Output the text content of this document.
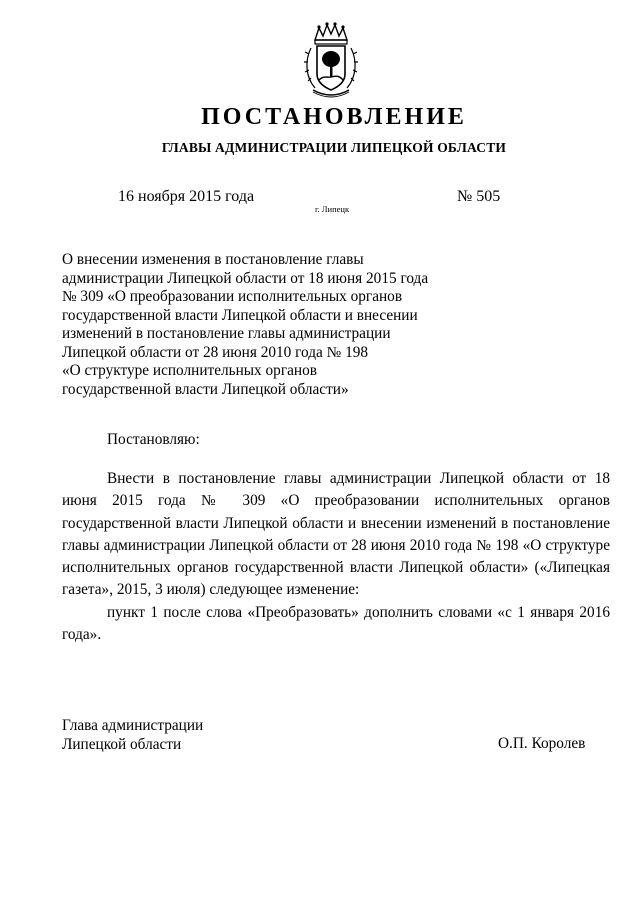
ПОСТАНОВЛЕНИЕ
ГЛАВЫ АДМИНИСТРАЦИИ ЛИПЕЦКОЙ ОБЛАСТИ
16 ноября 2015 года
г. Липецк
№ 505
О внесении изменения в постановление главы
администрации Липецкой области от 18 июня 2015 года
№ 309 «О преобразовании исполнительных органов
государственной власти Липецкой области и внесении
изменений в постановление главы администрации
Липецкой области от 28 июня 2010 года № 198
«О структуре исполнительных органов
государственной власти Липецкой области»
Постановляю:

Внести в постановление главы администрации Липецкой области от 18 июня 2015 года № 309 «О преобразовании исполнительных органов государственной власти Липецкой области и внесении изменений в постановление главы администрации Липецкой области от 28 июня 2010 года № 198 «О структуре исполнительных органов государственной власти Липецкой области» («Липецкая газета», 2015, 3 июля) следующее изменение:

пункт 1 после слова «Преобразовать» дополнить словами «с 1 января 2016 года».

Глава администрации
Липецкой области	О.П. Королев
